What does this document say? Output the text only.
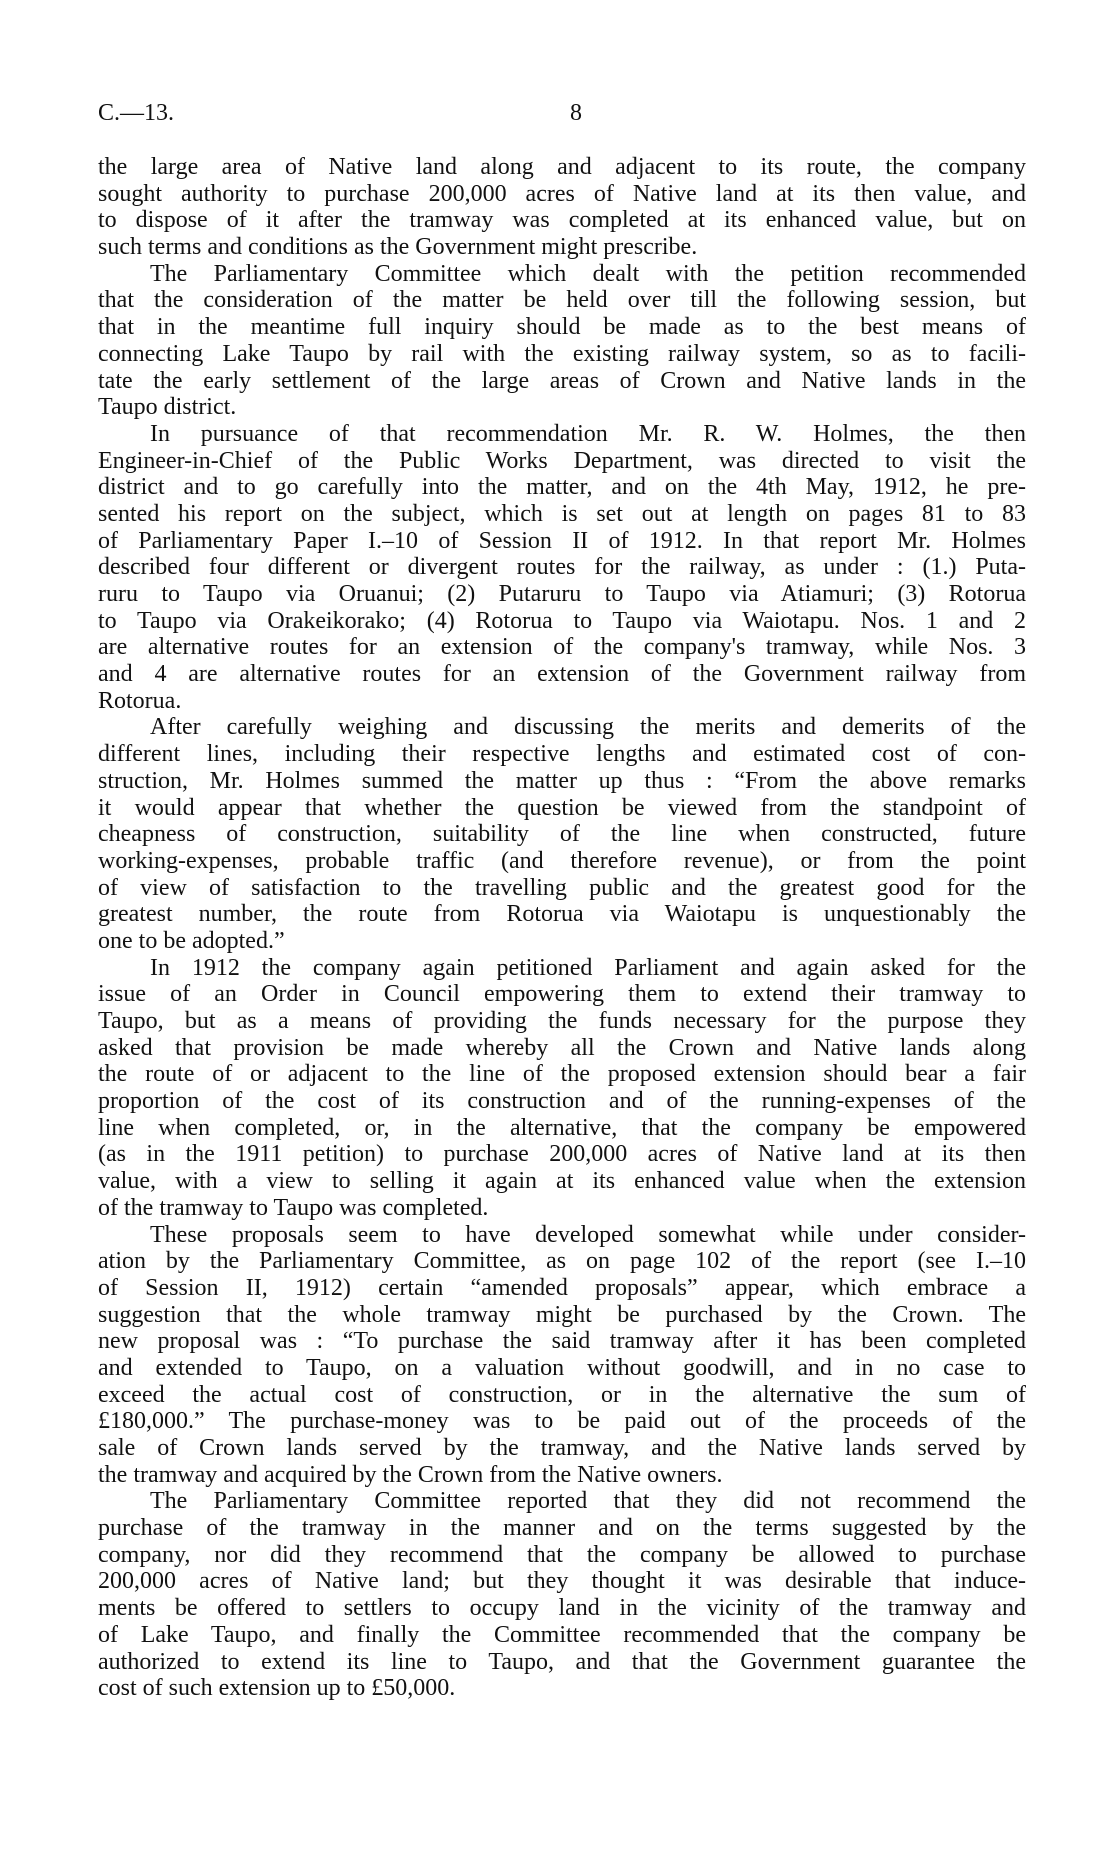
C.—13.	8
the large area of Native land along and adjacent to its route, the company
sought authority to purchase 200,000 acres of Native land at its then value, and
to dispose of it after the tramway was completed at its enhanced value, but on
such terms and conditions as the Government might prescribe.
The Parliamentary Committee which dealt with the petition recommended
that the consideration of the matter be held over till the following session, but
that in the meantime full inquiry should be made as to the best means of
connecting Lake Taupo by rail with the existing railway system, so as to facili-
tate the early settlement of the large areas of Crown and Native lands in the
Taupo district.
In pursuance of that recommendation Mr. R. W. Holmes, the then
Engineer-in-Chief of the Public Works Department, was directed to visit the
district and to go carefully into the matter, and on the 4th May, 1912, he pre-
sented his report on the subject, which is set out at length on pages 81 to 83
of Parliamentary Paper I.–10 of Session II of 1912. In that report Mr. Holmes
described four different or divergent routes for the railway, as under : (1.) Puta-
ruru to Taupo via Oruanui; (2) Putaruru to Taupo via Atiamuri; (3) Rotorua
to Taupo via Orakeikorako; (4) Rotorua to Taupo via Waiotapu. Nos. 1 and 2
are alternative routes for an extension of the company's tramway, while Nos. 3
and 4 are alternative routes for an extension of the Government railway from
Rotorua.
After carefully weighing and discussing the merits and demerits of the
different lines, including their respective lengths and estimated cost of con-
struction, Mr. Holmes summed the matter up thus : “From the above remarks
it would appear that whether the question be viewed from the standpoint of
cheapness of construction, suitability of the line when constructed, future
working-expenses, probable traffic (and therefore revenue), or from the point
of view of satisfaction to the travelling public and the greatest good for the
greatest number, the route from Rotorua via Waiotapu is unquestionably the
one to be adopted.”
In 1912 the company again petitioned Parliament and again asked for the
issue of an Order in Council empowering them to extend their tramway to
Taupo, but as a means of providing the funds necessary for the purpose they
asked that provision be made whereby all the Crown and Native lands along
the route of or adjacent to the line of the proposed extension should bear a fair
proportion of the cost of its construction and of the running-expenses of the
line when completed, or, in the alternative, that the company be empowered
(as in the 1911 petition) to purchase 200,000 acres of Native land at its then
value, with a view to selling it again at its enhanced value when the extension
of the tramway to Taupo was completed.
These proposals seem to have developed somewhat while under consider-
ation by the Parliamentary Committee, as on page 102 of the report (see I.–10
of Session II, 1912) certain “amended proposals” appear, which embrace a
suggestion that the whole tramway might be purchased by the Crown. The
new proposal was : “To purchase the said tramway after it has been completed
and extended to Taupo, on a valuation without goodwill, and in no case to
exceed the actual cost of construction, or in the alternative the sum of
£180,000.” The purchase-money was to be paid out of the proceeds of the
sale of Crown lands served by the tramway, and the Native lands served by
the tramway and acquired by the Crown from the Native owners.
The Parliamentary Committee reported that they did not recommend the
purchase of the tramway in the manner and on the terms suggested by the
company, nor did they recommend that the company be allowed to purchase
200,000 acres of Native land; but they thought it was desirable that induce-
ments be offered to settlers to occupy land in the vicinity of the tramway and
of Lake Taupo, and finally the Committee recommended that the company be
authorized to extend its line to Taupo, and that the Government guarantee the
cost of such extension up to £50,000.
